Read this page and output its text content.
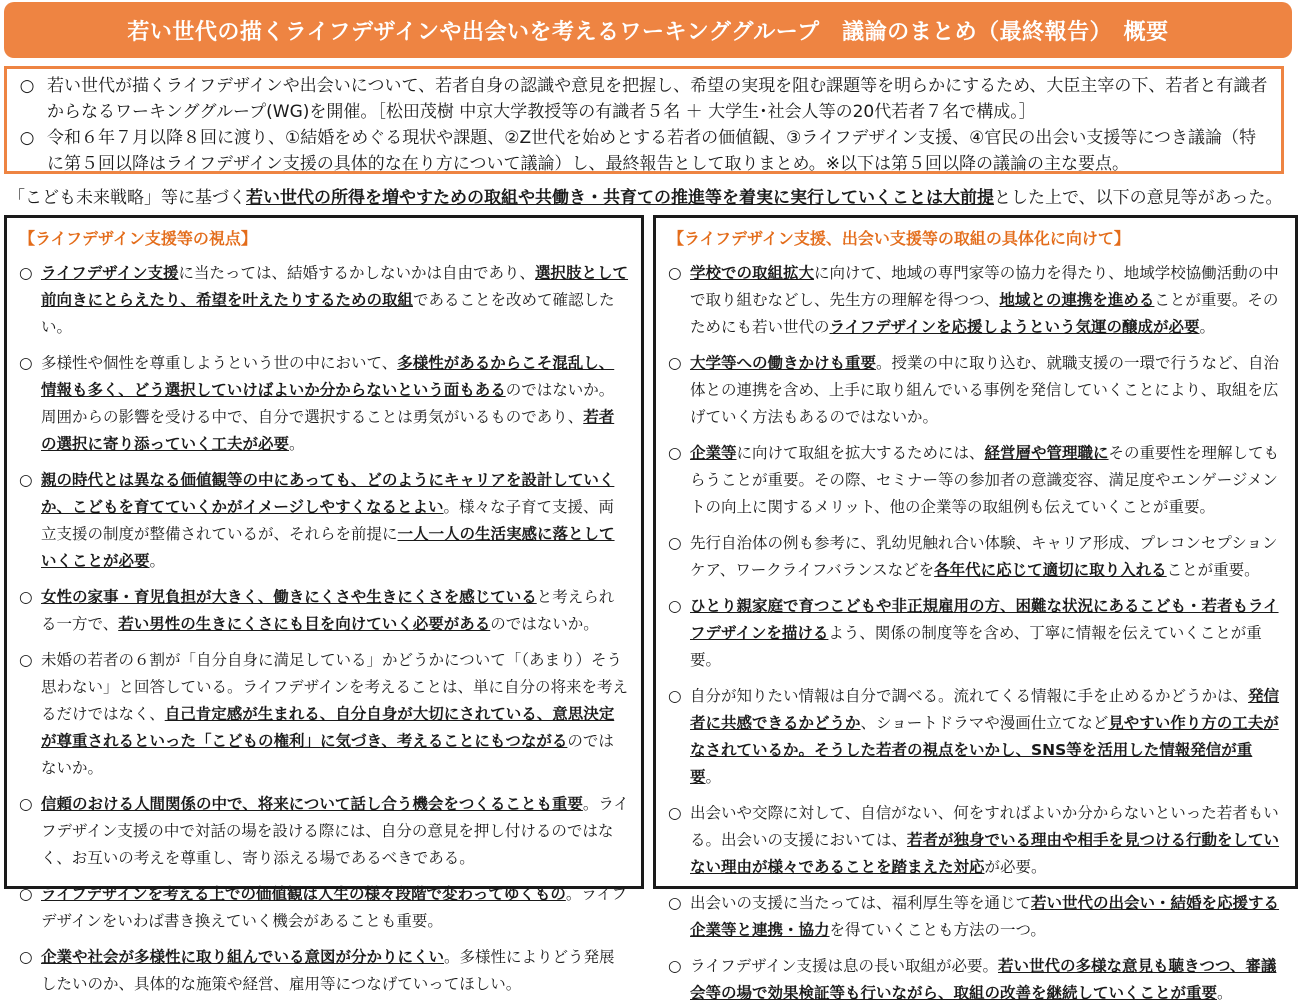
若い世代の描くライフデザインや出会いを考えるワーキンググループ　議論のまとめ（最終報告）　概要
○ 若い世代が描くライフデザインや出会いについて、若者自身の認識や意見を把握し、希望の実現を阻む課題等を明らかにするため、大臣主宰の下、若者と有識者からなるワーキンググループ(WG)を開催。［松田茂樹 中京大学教授等の有識者５名 ＋ 大学生･社会人等の20代若者７名で構成。］
○ 令和６年７月以降８回に渡り、①結婚をめぐる現状や課題、②Z世代を始めとする若者の価値観、③ライフデザイン支援、④官民の出会い支援等につき議論（特に第５回以降はライフデザイン支援の具体的な在り方について議論）し、最終報告として取りまとめ。※以下は第５回以降の議論の主な要点。
「こども未来戦略」等に基づく若い世代の所得を増やすための取組や共働き・共育ての推進等を着実に実行していくことは大前提とした上で、以下の意見等があった。
【ライフデザイン支援等の視点】
○ ライフデザイン支援に当たっては、結婚するかしないかは自由であり、選択肢として前向きにとらえたり、希望を叶えたりするための取組であることを改めて確認したい。
○ 多様性や個性を尊重しようという世の中において、多様性があるからこそ混乱し、情報も多く、どう選択していけばよいか分からないという面もあるのではないか。周囲からの影響を受ける中で、自分で選択することは勇気がいるものであり、若者の選択に寄り添っていく工夫が必要。
○ 親の時代とは異なる価値観等の中にあっても、どのようにキャリアを設計していくか、こどもを育てていくかがイメージしやすくなるとよい。様々な子育て支援、両立支援の制度が整備されているが、それらを前提に一人一人の生活実感に落としていくことが必要。
○ 女性の家事・育児負担が大きく、働きにくさや生きにくさを感じていると考えられる一方で、若い男性の生きにくさにも目を向けていく必要があるのではないか。
○ 未婚の若者の６割が「自分自身に満足している」かどうかについて「（あまり）そう思わない」と回答している。ライフデザインを考えることは、単に自分の将来を考えるだけではなく、自己肯定感が生まれる、自分自身が大切にされている、意思決定が尊重されるといった「こどもの権利」に気づき、考えることにもつながるのではないか。
○ 信頼のおける人間関係の中で、将来について話し合う機会をつくることも重要。ライフデザイン支援の中で対話の場を設ける際には、自分の意見を押し付けるのではなく、お互いの考えを尊重し、寄り添える場であるべきである。
○ ライフデザインを考える上での価値観は人生の様々段階で変わってゆくもの。ライフデザインをいわば書き換えていく機会があることも重要。
○ 企業や社会が多様性に取り組んでいる意図が分かりにくい。多様性によりどう発展したいのか、具体的な施策や経営、雇用等につなげていってほしい。
【ライフデザイン支援、出会い支援等の取組の具体化に向けて】
○ 学校での取組拡大に向けて、地域の専門家等の協力を得たり、地域学校協働活動の中で取り組むなどし、先生方の理解を得つつ、地域との連携を進めることが重要。そのためにも若い世代のライフデザインを応援しようという気運の醸成が必要。
○ 大学等への働きかけも重要。授業の中に取り込む、就職支援の一環で行うなど、自治体との連携を含め、上手に取り組んでいる事例を発信していくことにより、取組を広げていく方法もあるのではないか。
○ 企業等に向けて取組を拡大するためには、経営層や管理職にその重要性を理解してもらうことが重要。その際、セミナー等の参加者の意識変容、満足度やエンゲージメントの向上に関するメリット、他の企業等の取組例も伝えていくことが重要。
○ 先行自治体の例も参考に、乳幼児触れ合い体験、キャリア形成、プレコンセプションケア、ワークライフバランスなどを各年代に応じて適切に取り入れることが重要。
○ ひとり親家庭で育つこどもや非正規雇用の方、困難な状況にあるこども・若者もライフデザインを描けるよう、関係の制度等を含め、丁寧に情報を伝えていくことが重要。
○ 自分が知りたい情報は自分で調べる。流れてくる情報に手を止めるかどうかは、発信者に共感できるかどうか、ショートドラマや漫画仕立てなど見やすい作り方の工夫がなされているか。そうした若者の視点をいかし、SNS等を活用した情報発信が重要。
○ 出会いや交際に対して、自信がない、何をすればよいか分からないといった若者もいる。出会いの支援においては、若者が独身でいる理由や相手を見つける行動をしていない理由が様々であることを踏まえた対応が必要。
○ 出会いの支援に当たっては、福利厚生等を通じて若い世代の出会い・結婚を応援する企業等と連携・協力を得ていくことも方法の一つ。
○ ライフデザイン支援は息の長い取組が必要。若い世代の多様な意見も聴きつつ、審議会等の場で効果検証等も行いながら、取組の改善を継続していくことが重要。
